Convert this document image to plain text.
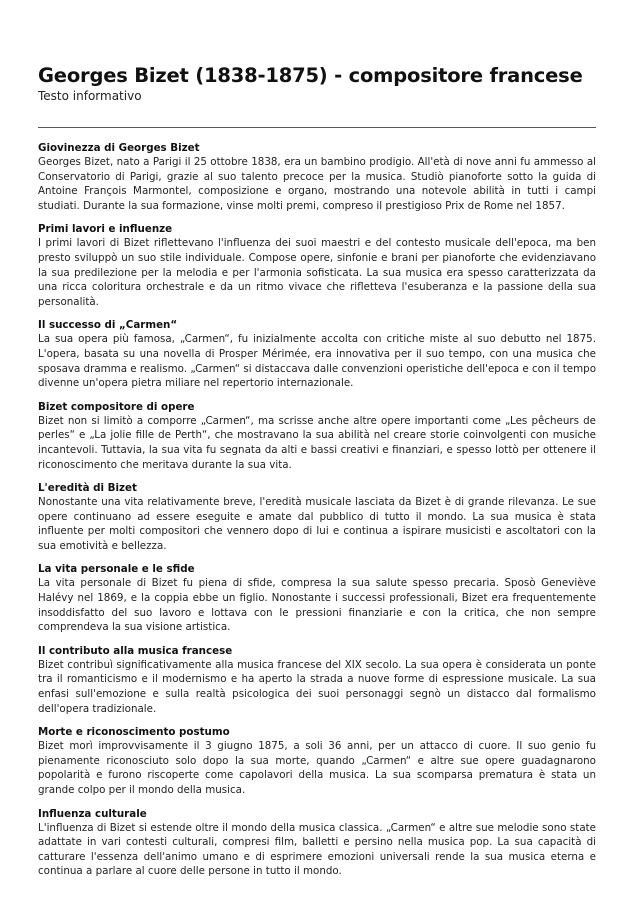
Georges Bizet (1838-1875) - compositore francese
Testo informativo
Giovinezza di Georges Bizet

Georges Bizet, nato a Parigi il 25 ottobre 1838, era un bambino prodigio. All'età di nove anni fu ammesso al Conservatorio di Parigi, grazie al suo talento precoce per la musica. Studiò pianoforte sotto la guida di Antoine François Marmontel, composizione e organo, mostrando una notevole abilità in tutti i campi studiati. Durante la sua formazione, vinse molti premi, compreso il prestigioso Prix de Rome nel 1857.

Primi lavori e influenze

I primi lavori di Bizet riflettevano l'influenza dei suoi maestri e del contesto musicale dell'epoca, ma ben presto sviluppò un suo stile individuale. Compose opere, sinfonie e brani per pianoforte che evidenziavano la sua predilezione per la melodia e per l'armonia sofisticata. La sua musica era spesso caratterizzata da una ricca coloritura orchestrale e da un ritmo vivace che rifletteva l'esuberanza e la passione della sua personalità.

Il successo di „Carmen“

La sua opera più famosa, „Carmen“, fu inizialmente accolta con critiche miste al suo debutto nel 1875. L'opera, basata su una novella di Prosper Mérimée, era innovativa per il suo tempo, con una musica che sposava dramma e realismo. „Carmen“ si distaccava dalle convenzioni operistiche dell'epoca e con il tempo divenne un'opera pietra miliare nel repertorio internazionale.

Bizet compositore di opere

Bizet non si limitò a comporre „Carmen“, ma scrisse anche altre opere importanti come „Les pêcheurs de perles“ e „La jolie fille de Perth“, che mostravano la sua abilità nel creare storie coinvolgenti con musiche incantevoli. Tuttavia, la sua vita fu segnata da alti e bassi creativi e finanziari, e spesso lottò per ottenere il riconoscimento che meritava durante la sua vita.

L'eredità di Bizet

Nonostante una vita relativamente breve, l'eredità musicale lasciata da Bizet è di grande rilevanza. Le sue opere continuano ad essere eseguite e amate dal pubblico di tutto il mondo. La sua musica è stata influente per molti compositori che vennero dopo di lui e continua a ispirare musicisti e ascoltatori con la sua emotività e bellezza.

La vita personale e le sfide

La vita personale di Bizet fu piena di sfide, compresa la sua salute spesso precaria. Sposò Geneviève Halévy nel 1869, e la coppia ebbe un figlio. Nonostante i successi professionali, Bizet era frequentemente insoddisfatto del suo lavoro e lottava con le pressioni finanziarie e con la critica, che non sempre comprendeva la sua visione artistica.

Il contributo alla musica francese

Bizet contribuì significativamente alla musica francese del XIX secolo. La sua opera è considerata un ponte tra il romanticismo e il modernismo e ha aperto la strada a nuove forme di espressione musicale. La sua enfasi sull'emozione e sulla realtà psicologica dei suoi personaggi segnò un distacco dal formalismo dell'opera tradizionale.

Morte e riconoscimento postumo

Bizet morì improvvisamente il 3 giugno 1875, a soli 36 anni, per un attacco di cuore. Il suo genio fu pienamente riconosciuto solo dopo la sua morte, quando „Carmen“ e altre sue opere guadagnarono popolarità e furono riscoperte come capolavori della musica. La sua scomparsa prematura è stata un grande colpo per il mondo della musica.

Influenza culturale

L'influenza di Bizet si estende oltre il mondo della musica classica. „Carmen“ e altre sue melodie sono state adattate in vari contesti culturali, compresi film, balletti e persino nella musica pop. La sua capacità di catturare l'essenza dell'animo umano e di esprimere emozioni universali rende la sua musica eterna e continua a parlare al cuore delle persone in tutto il mondo.
